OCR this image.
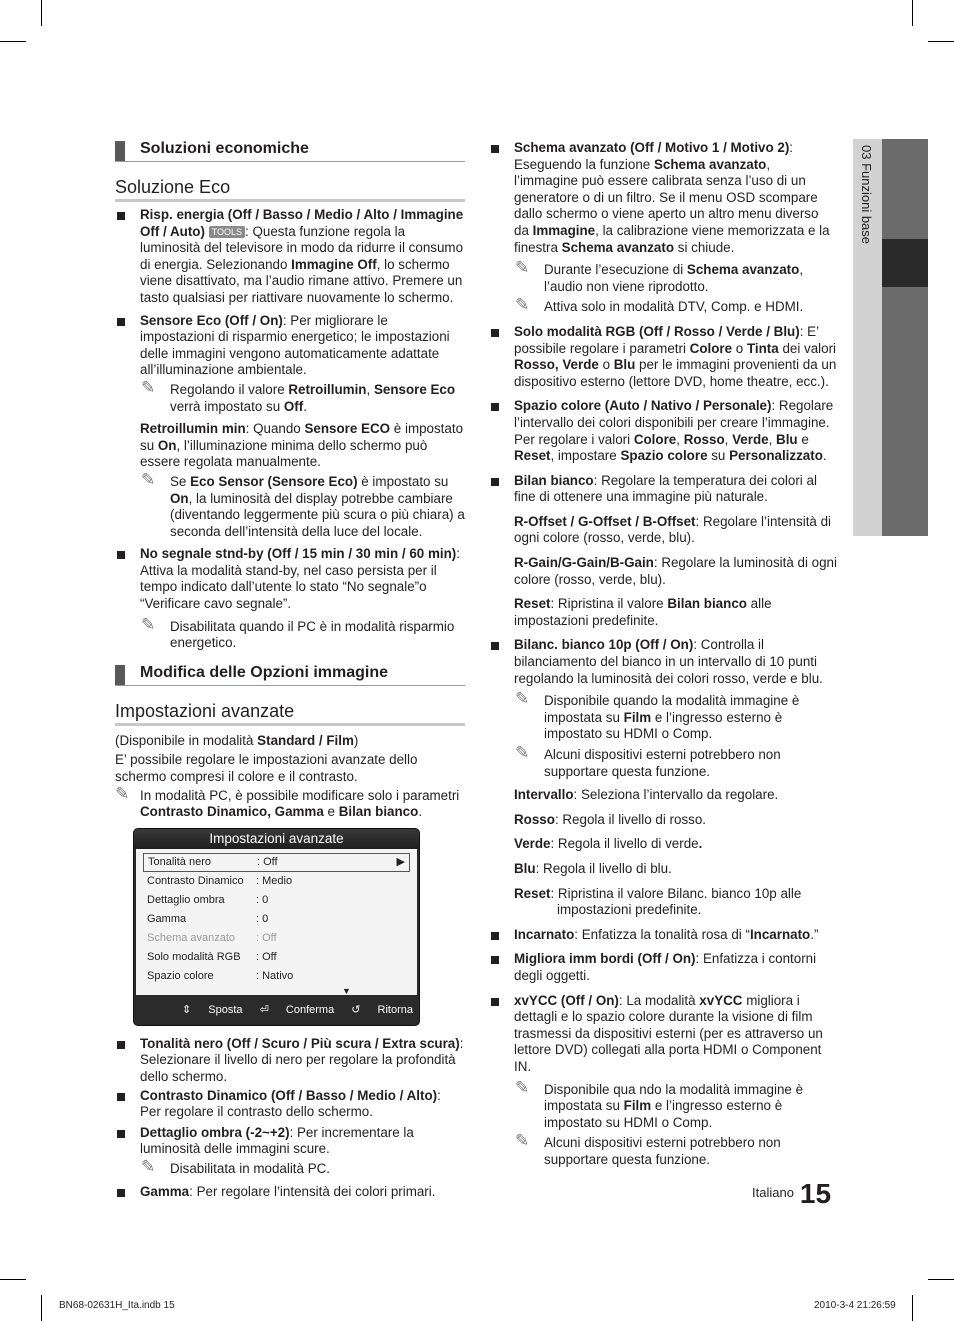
03 Funzioni base
Soluzioni economiche
Soluzione Eco
Risp. energia (Off / Basso / Medio / Alto / Immagine Off / Auto) TOOLS : Questa funzione regola la luminosità del televisore in modo da ridurre il consumo di energia. Selezionando Immagine Off, lo schermo viene disattivato, ma l’audio rimane attivo. Premere un tasto qualsiasi per riattivare nuovamente lo schermo.
Sensore Eco (Off / On): Per migliorare le impostazioni di risparmio energetico; le impostazioni delle immagini vengono automaticamente adattate all’illuminazione ambientale.
✎ Regolando il valore Retroillumin, Sensore Eco verrà impostato su Off.
Retroillumin min: Quando Sensore ECO è impostato su On, l’illuminazione minima dello schermo può essere regolata manualmente.
✎ Se Eco Sensor (Sensore Eco) è impostato su On, la luminosità del display potrebbe cambiare (diventando leggermente più scura o più chiara) a seconda dell’intensità della luce del locale.
No segnale stnd-by (Off / 15 min / 30 min / 60 min): Attiva la modalità stand-by, nel caso persista per il tempo indicato dall’utente lo stato “No segnale”o “Verificare cavo segnale”.
✎ Disabilitata quando il PC è in modalità risparmio energetico.
Modifica delle Opzioni immagine
Impostazioni avanzate
(Disponibile in modalità Standard / Film)
E’ possibile regolare le impostazioni avanzate dello schermo compresi il colore e il contrasto.
✎ In modalità PC, è possibile modificare solo i parametri Contrasto Dinamico, Gamma e Bilan bianco.
Impostazioni avanzate
Tonalità nero	: Off	▶
Contrasto Dinamico : Medio
Dettaglio ombra	: 0
Gamma	: 0
Schema avanzato : Off
Solo modalità RGB : Off
Spazio colore	: Nativo
▼
⇕ Sposta ⏎ Conferma ↺ Ritorna
Tonalità nero (Off / Scuro / Più scura / Extra scura): Selezionare il livello di nero per regolare la profondità dello schermo.
Contrasto Dinamico (Off / Basso / Medio / Alto): Per regolare il contrasto dello schermo.
Dettaglio ombra (-2~+2): Per incrementare la luminosità delle immagini scure.
✎ Disabilitata in modalità PC.
Gamma: Per regolare l’intensità dei colori primari.
Schema avanzato (Off / Motivo 1 / Motivo 2): Eseguendo la funzione Schema avanzato, l’immagine può essere calibrata senza l’uso di un generatore o di un filtro. Se il menu OSD scompare dallo schermo o viene aperto un altro menu diverso da Immagine, la calibrazione viene memorizzata e la finestra Schema avanzato si chiude.
✎ Durante l’esecuzione di Schema avanzato, l’audio non viene riprodotto.
✎ Attiva solo in modalità DTV, Comp. e HDMI.
Solo modalità RGB (Off / Rosso / Verde / Blu): E’ possibile regolare i parametri Colore o Tinta dei valori Rosso, Verde o Blu per le immagini provenienti da un dispositivo esterno (lettore DVD, home theatre, ecc.).
Spazio colore (Auto / Nativo / Personale): Regolare l’intervallo dei colori disponibili per creare l’immagine. Per regolare i valori Colore, Rosso, Verde, Blu e Reset, impostare Spazio colore su Personalizzato.
Bilan bianco: Regolare la temperatura dei colori al fine di ottenere una immagine più naturale.
R-Offset / G-Offset / B-Offset: Regolare l’intensità di ogni colore (rosso, verde, blu).
R-Gain/G-Gain/B-Gain: Regolare la luminosità di ogni colore (rosso, verde, blu).
Reset: Ripristina il valore Bilan bianco alle impostazioni predefinite.
Bilanc. bianco 10p (Off / On): Controlla il bilanciamento del bianco in un intervallo di 10 punti regolando la luminosità dei colori rosso, verde e blu.
✎ Disponibile quando la modalità immagine è impostata su Film e l’ingresso esterno è impostato su HDMI o Comp.
✎ Alcuni dispositivi esterni potrebbero non supportare questa funzione.
Intervallo: Seleziona l’intervallo da regolare.
Rosso: Regola il livello di rosso.
Verde: Regola il livello di verde.
Blu: Regola il livello di blu.
Reset: Ripristina il valore Bilanc. bianco 10p alle impostazioni predefinite.
Incarnato: Enfatizza la tonalità rosa di “Incarnato.”
Migliora imm bordi (Off / On): Enfatizza i contorni degli oggetti.
xvYCC (Off / On): La modalità xvYCC migliora i dettagli e lo spazio colore durante la visione di film trasmessi da dispositivi esterni (per es attraverso un lettore DVD) collegati alla porta HDMI o Component IN.
✎ Disponibile qua ndo la modalità immagine è impostata su Film e l’ingresso esterno è impostato su HDMI o Comp.
✎ Alcuni dispositivi esterni potrebbero non supportare questa funzione.
Italiano 15
BN68-02631H_Ita.indb 15	2010-3-4 21:26:59
